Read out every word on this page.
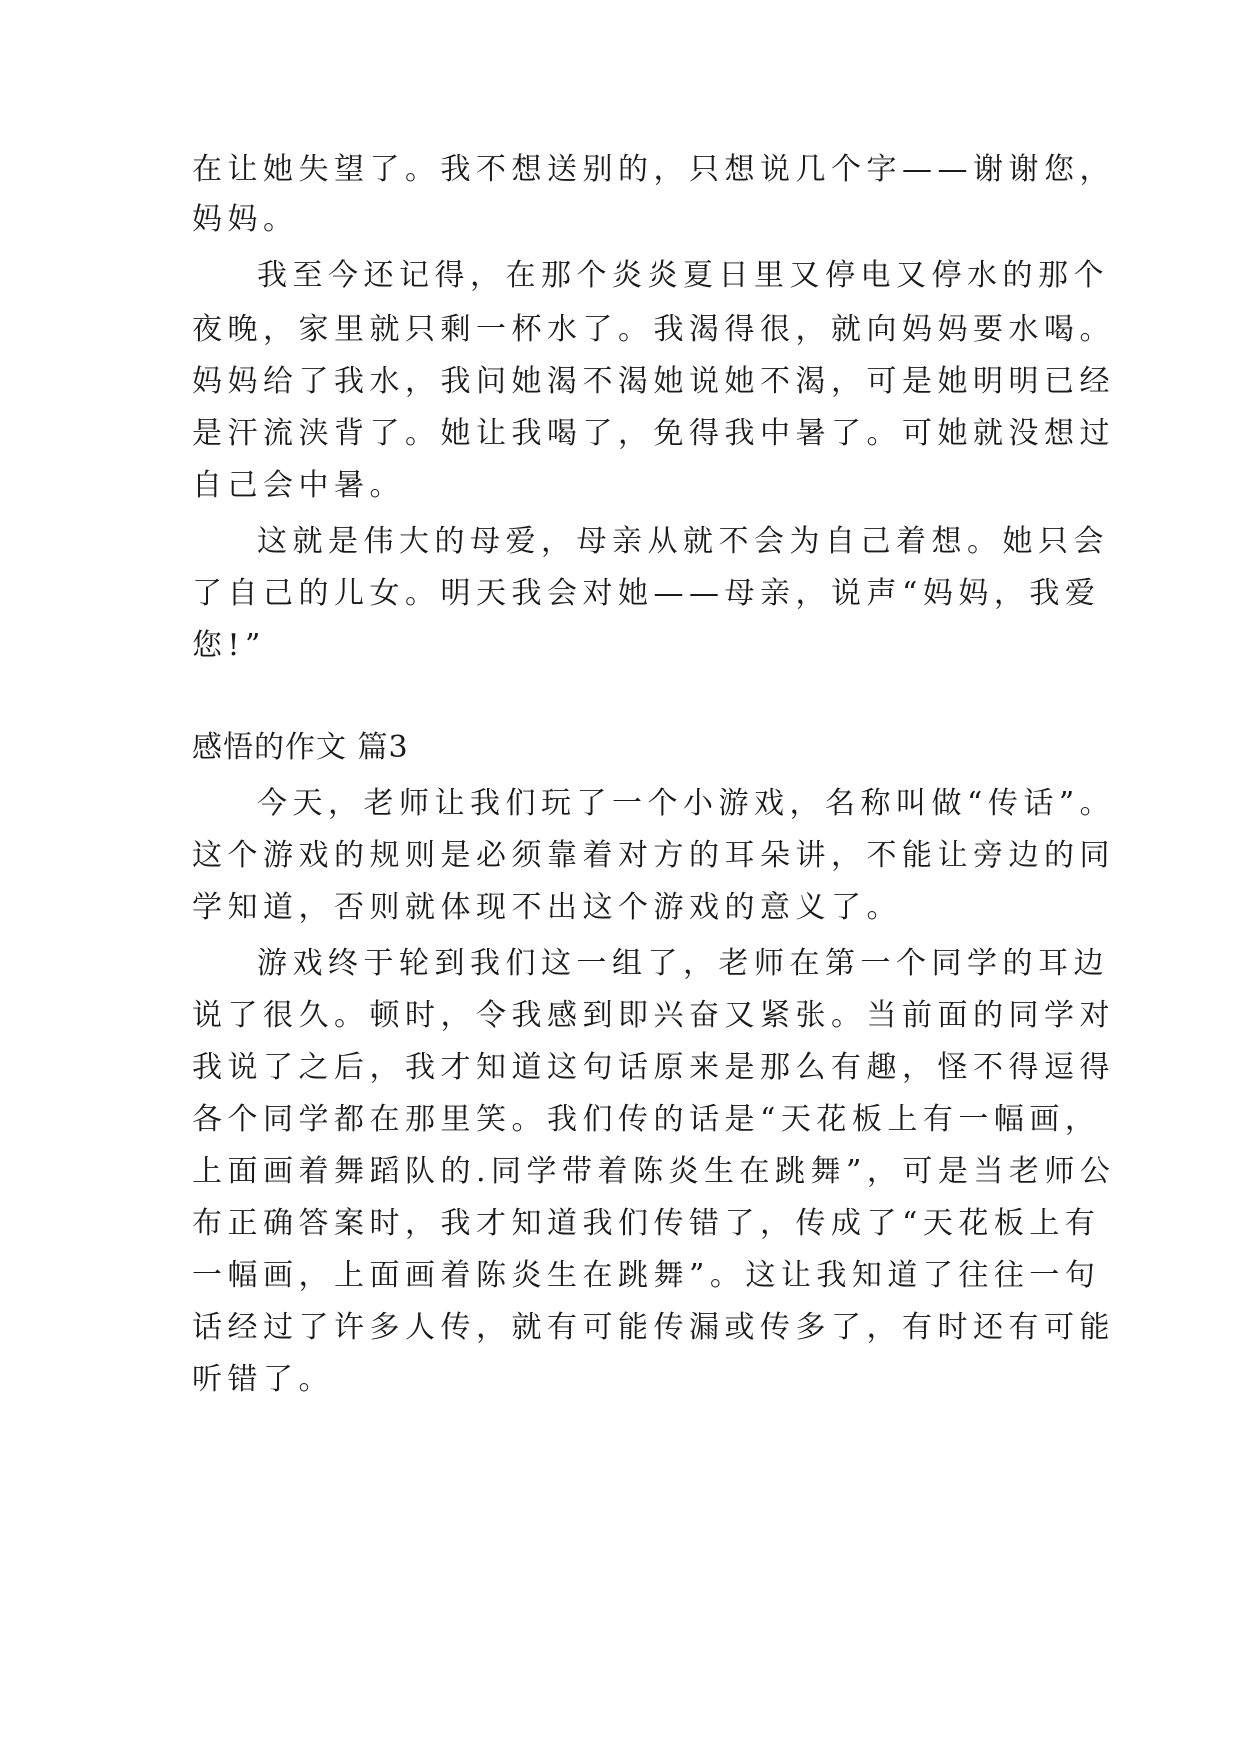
在让她失望了。我不想送别的，只想说几个字——谢谢您，
妈妈。
我至今还记得，在那个炎炎夏日里又停电又停水的那个
夜晚，家里就只剩一杯水了。我渴得很，就向妈妈要水喝。
妈妈给了我水，我问她渴不渴她说她不渴，可是她明明已经
是汗流浃背了。她让我喝了，免得我中暑了。可她就没想过
自己会中暑。
这就是伟大的母爱，母亲从就不会为自己着想。她只会
了自己的儿女。明天我会对她——母亲，说声“妈妈，我爱
您!”
感悟的作文 篇3
今天，老师让我们玩了一个小游戏，名称叫做“传话”。
这个游戏的规则是必须靠着对方的耳朵讲，不能让旁边的同
学知道，否则就体现不出这个游戏的意义了。
游戏终于轮到我们这一组了，老师在第一个同学的耳边
说了很久。顿时，令我感到即兴奋又紧张。当前面的同学对
我说了之后，我才知道这句话原来是那么有趣，怪不得逗得
各个同学都在那里笑。我们传的话是“天花板上有一幅画，
上面画着舞蹈队的.同学带着陈炎生在跳舞”，可是当老师公
布正确答案时，我才知道我们传错了，传成了“天花板上有
一幅画，上面画着陈炎生在跳舞”。这让我知道了往往一句
话经过了许多人传，就有可能传漏或传多了，有时还有可能
听错了。
